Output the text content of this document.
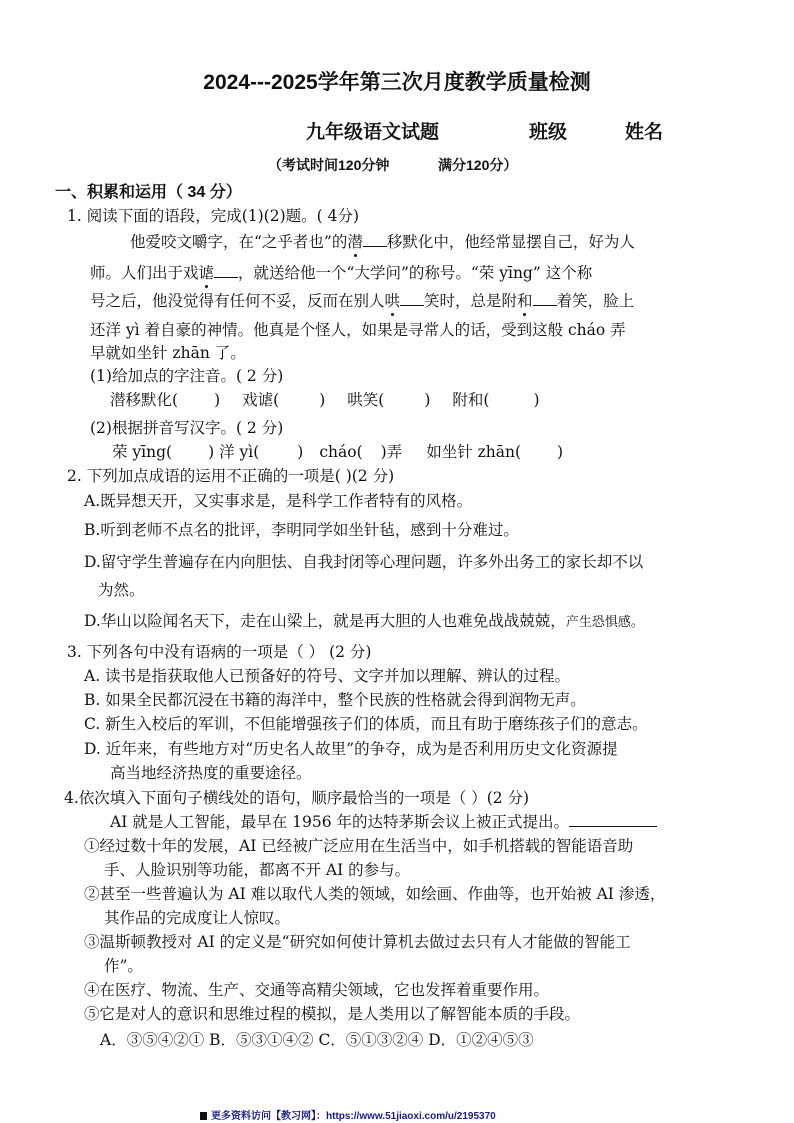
2024---2025学年第三次月度教学质量检测
九年级语文试题	班级	姓名
（考试时间120分钟	满分120分）
一、积累和运用（ 34 分）
1. 阅读下面的语段，完成(1)(2)题。( 4分)
他爱咬文嚼字，在“之乎者也”的潜 移默化中，他经常显摆自己，好为人
师。人们出于戏谑 ，就送给他一个“大学问”的称号。“荣 yīng” 这个称
号之后，他没觉得有任何不妥，反而在别人哄 笑时，总是附和 着笑，脸上
还洋 yì 着自豪的神情。他真是个怪人，如果是寻常人的话，受到这般 cháo 弄
早就如坐针 zhān 了。
(1)给加点的字注音。( 2 分)
潜移默化( ) 戏谑(	) 哄笑(	) 附和(	)
(2)根据拼音写汉字。( 2 分)
荣 yīng( ) 洋 yì( ) cháo( )弄 如坐针 zhān( )
2. 下列加点成语的运用不正确的一项是( )(2 分)
A.既异想天开，又实事求是，是科学工作者特有的风格。
B.听到老师不点名的批评，李明同学如坐针毡，感到十分难过。
D.留守学生普遍存在内向胆怯、自我封闭等心理问题，许多外出务工的家长却不以
为然。
D.华山以险闻名天下，走在山梁上，就是再大胆的人也难免战战兢兢，产生恐惧感。
3. 下列各句中没有语病的一项是（ ） (2 分)
A. 读书是指获取他人已预备好的符号、文字并加以理解、辨认的过程。
B. 如果全民都沉浸在书籍的海洋中，整个民族的性格就会得到润物无声。
C. 新生入校后的军训，不但能增强孩子们的体质，而且有助于磨练孩子们的意志。
D. 近年来，有些地方对“历史名人故里”的争夺，成为是否利用历史文化资源提
高当地经济热度的重要途径。
4.依次填入下面句子横线处的语句，顺序最恰当的一项是（ ）(2 分)
AI 就是人工智能，最早在 1956 年的达特茅斯会议上被正式提出。
①经过数十年的发展，AI 已经被广泛应用在生活当中，如手机搭载的智能语音助
手、人脸识别等功能，都离不开 AI 的参与。
②甚至一些普遍认为 AI 难以取代人类的领域，如绘画、作曲等，也开始被 AI 渗透，
其作品的完成度让人惊叹。
③温斯顿教授对 AI 的定义是“研究如何使计算机去做过去只有人才能做的智能工
作”。
④在医疗、物流、生产、交通等高精尖领域，它也发挥着重要作用。
⑤它是对人的意识和思维过程的模拟，是人类用以了解智能本质的手段。
A．③⑤④②① B．⑤③①④② C．⑤①③②④ D．①②④⑤③
更多资料访问【教习网】：https://www.51jiaoxi.com/u/2195370
